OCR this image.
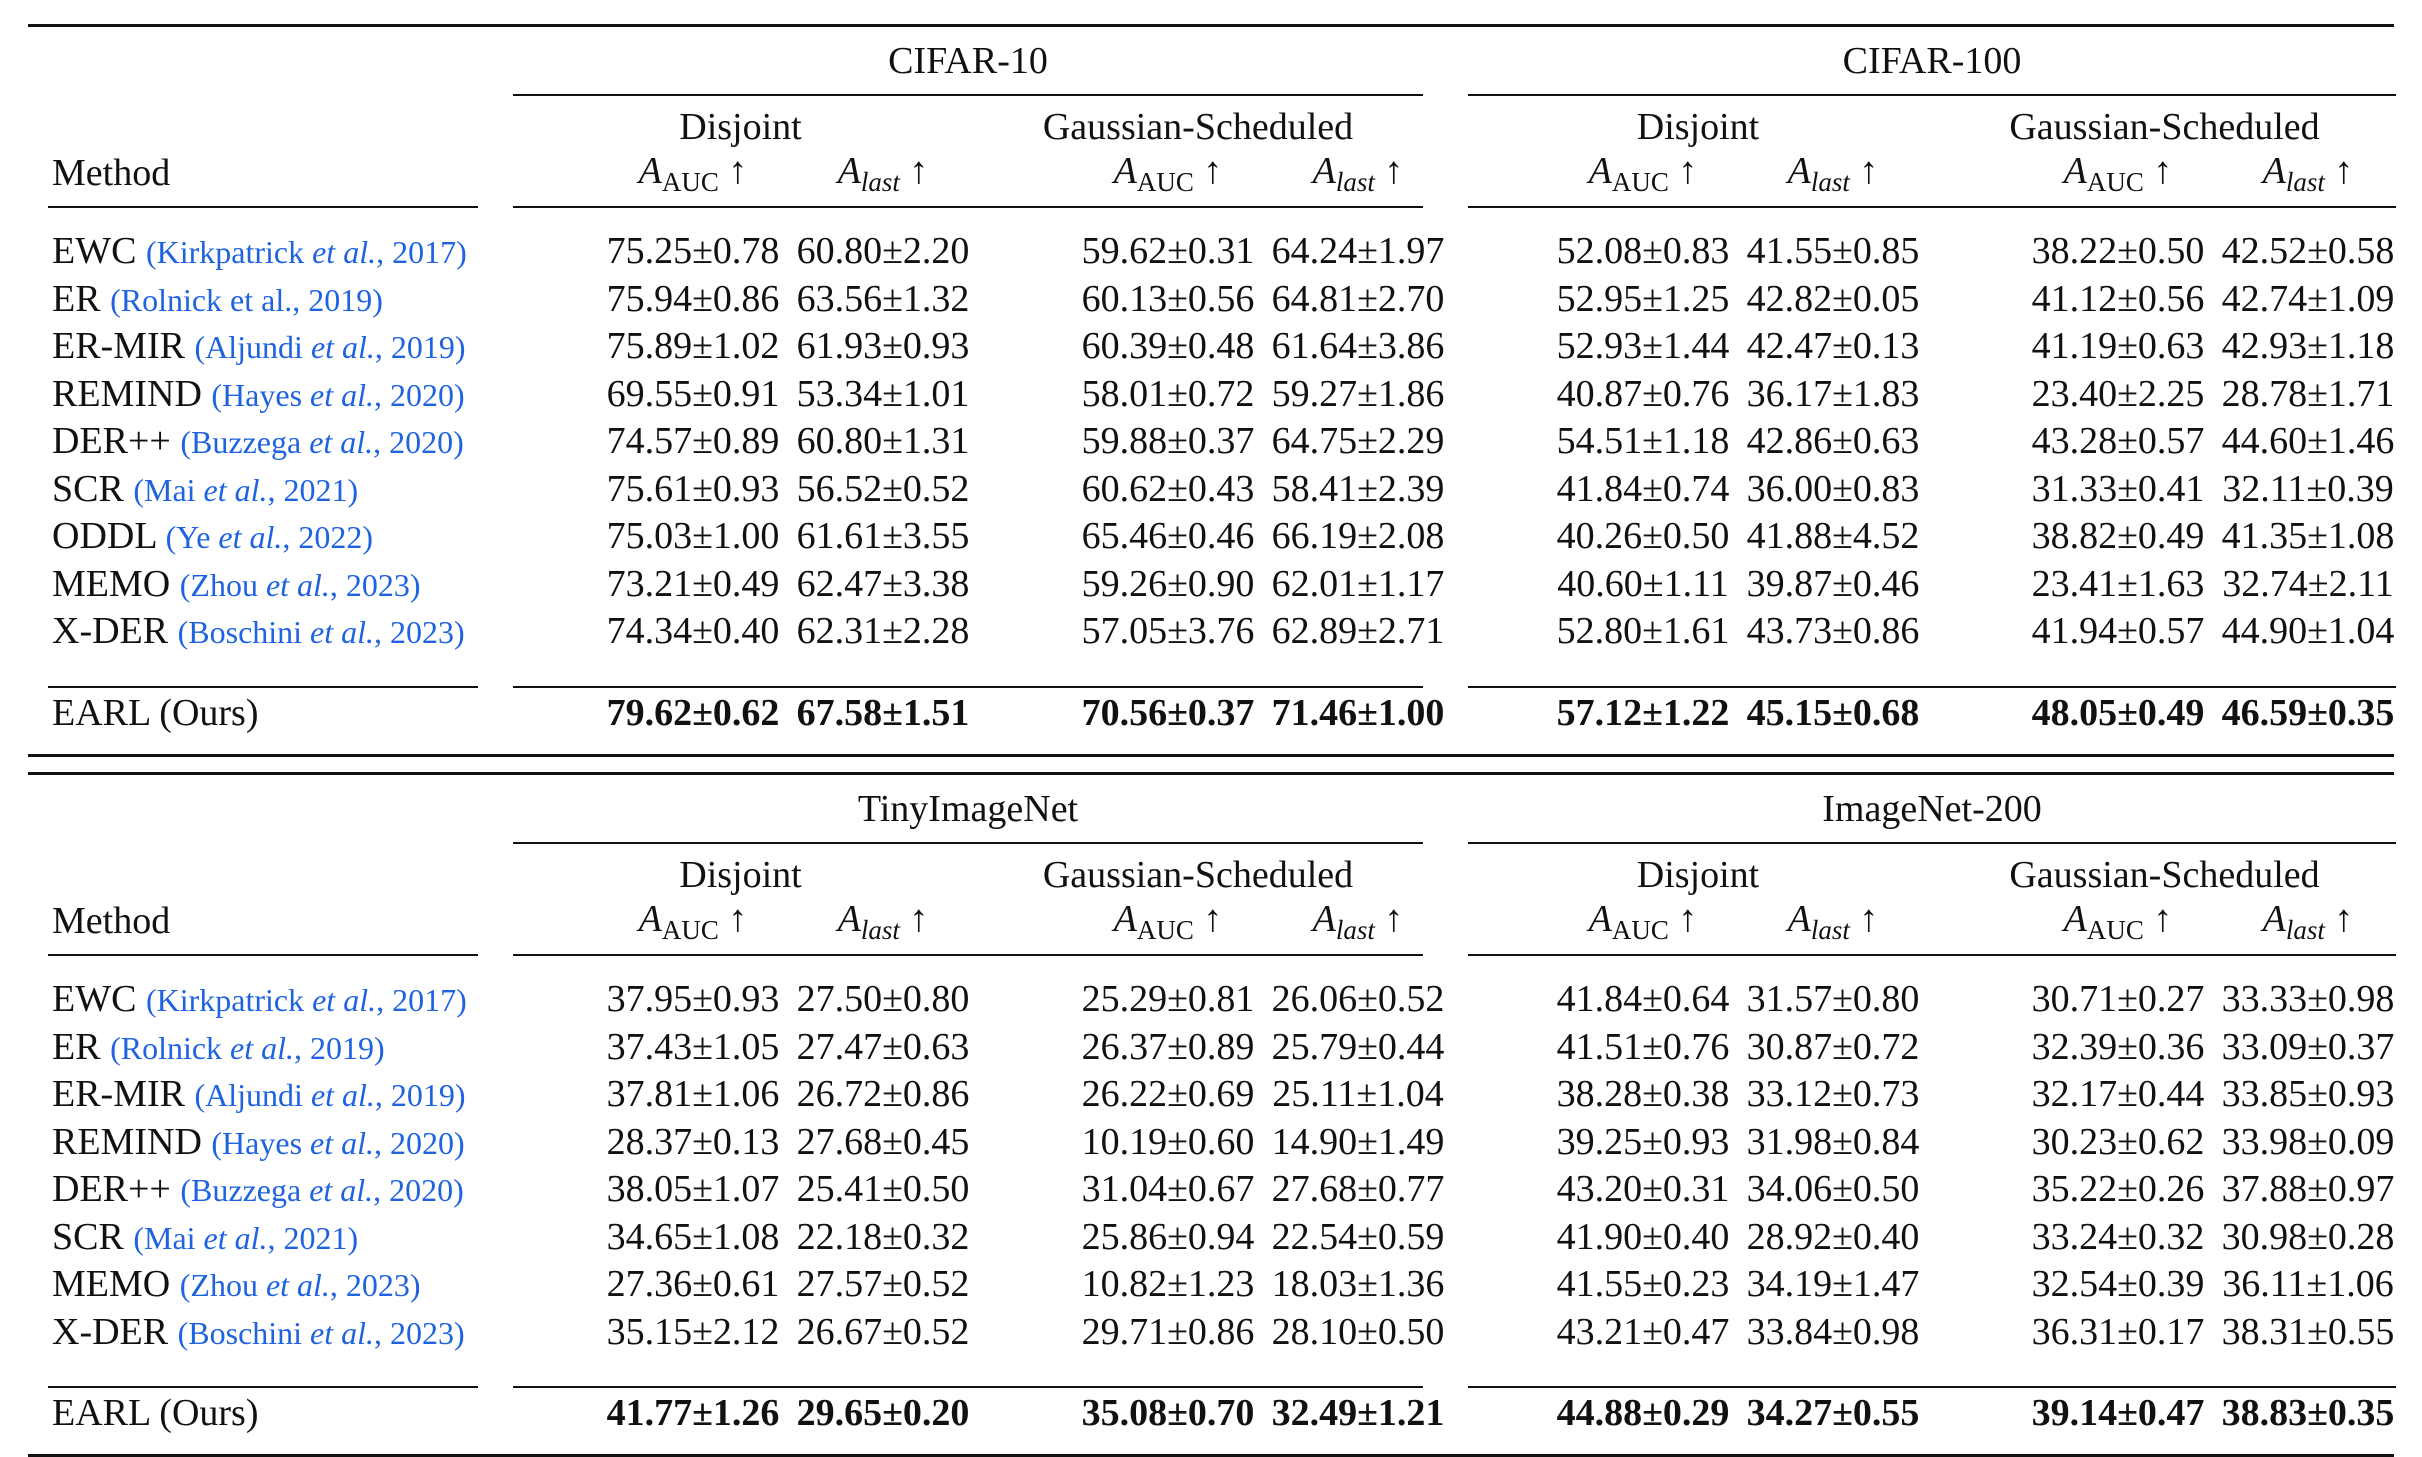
CIFAR-10	CIFAR-100
Disjoint	Gaussian-Scheduled	Disjoint	Gaussian-Scheduled
Method	$A_{AUC}$ ↑	$A_{last}$ ↑	$A_{AUC}$ ↑	$A_{last}$ ↑	$A_{AUC}$ ↑	$A_{last}$ ↑	$A_{AUC}$ ↑	$A_{last}$ ↑
EWC (Kirkpatrick et al., 2017)	75.25±0.78 60.80±2.20	59.62±0.31 64.24±1.97	52.08±0.83 41.55±0.85	38.22±0.50 42.52±0.58
ER (Rolnick et al., 2019)	75.94±0.86 63.56±1.32	60.13±0.56 64.81±2.70	52.95±1.25 42.82±0.05	41.12±0.56 42.74±1.09
ER-MIR (Aljundi et al., 2019)	75.89±1.02 61.93±0.93	60.39±0.48 61.64±3.86	52.93±1.44 42.47±0.13	41.19±0.63 42.93±1.18
REMIND (Hayes et al., 2020)	69.55±0.91 53.34±1.01	58.01±0.72 59.27±1.86	40.87±0.76 36.17±1.83	23.40±2.25 28.78±1.71
DER++ (Buzzega et al., 2020)	74.57±0.89 60.80±1.31	59.88±0.37 64.75±2.29	54.51±1.18 42.86±0.63	43.28±0.57 44.60±1.46
SCR (Mai et al., 2021)	75.61±0.93 56.52±0.52	60.62±0.43 58.41±2.39	41.84±0.74 36.00±0.83	31.33±0.41 32.11±0.39
ODDL (Ye et al., 2022)	75.03±1.00 61.61±3.55	65.46±0.46 66.19±2.08	40.26±0.50 41.88±4.52	38.82±0.49 41.35±1.08
MEMO (Zhou et al., 2023)	73.21±0.49 62.47±3.38	59.26±0.90 62.01±1.17	40.60±1.11 39.87±0.46	23.41±1.63 32.74±2.11
X-DER (Boschini et al., 2023)	74.34±0.40 62.31±2.28	57.05±3.76 62.89±2.71	52.80±1.61 43.73±0.86	41.94±0.57 44.90±1.04
EARL (Ours)	79.62±0.62 67.58±1.51	70.56±0.37 71.46±1.00	57.12±1.22 45.15±0.68	48.05±0.49 46.59±0.35
TinyImageNet	ImageNet-200
Disjoint	Gaussian-Scheduled	Disjoint	Gaussian-Scheduled
Method	$A_{AUC}$ ↑	$A_{last}$ ↑	$A_{AUC}$ ↑	$A_{last}$ ↑	$A_{AUC}$ ↑	$A_{last}$ ↑	$A_{AUC}$ ↑	$A_{last}$ ↑
EWC (Kirkpatrick et al., 2017)	37.95±0.93 27.50±0.80	25.29±0.81 26.06±0.52	41.84±0.64 31.57±0.80	30.71±0.27 33.33±0.98
ER (Rolnick et al., 2019)	37.43±1.05 27.47±0.63	26.37±0.89 25.79±0.44	41.51±0.76 30.87±0.72	32.39±0.36 33.09±0.37
ER-MIR (Aljundi et al., 2019)	37.81±1.06 26.72±0.86	26.22±0.69 25.11±1.04	38.28±0.38 33.12±0.73	32.17±0.44 33.85±0.93
REMIND (Hayes et al., 2020)	28.37±0.13 27.68±0.45	10.19±0.60 14.90±1.49	39.25±0.93 31.98±0.84	30.23±0.62 33.98±0.09
DER++ (Buzzega et al., 2020)	38.05±1.07 25.41±0.50	31.04±0.67 27.68±0.77	43.20±0.31 34.06±0.50	35.22±0.26 37.88±0.97
SCR (Mai et al., 2021)	34.65±1.08 22.18±0.32	25.86±0.94 22.54±0.59	41.90±0.40 28.92±0.40	33.24±0.32 30.98±0.28
MEMO (Zhou et al., 2023)	27.36±0.61 27.57±0.52	10.82±1.23 18.03±1.36	41.55±0.23 34.19±1.47	32.54±0.39 36.11±1.06
X-DER (Boschini et al., 2023)	35.15±2.12 26.67±0.52	29.71±0.86 28.10±0.50	43.21±0.47 33.84±0.98	36.31±0.17 38.31±0.55
EARL (Ours)	41.77±1.26 29.65±0.20	35.08±0.70 32.49±1.21	44.88±0.29 34.27±0.55	39.14±0.47 38.83±0.35
